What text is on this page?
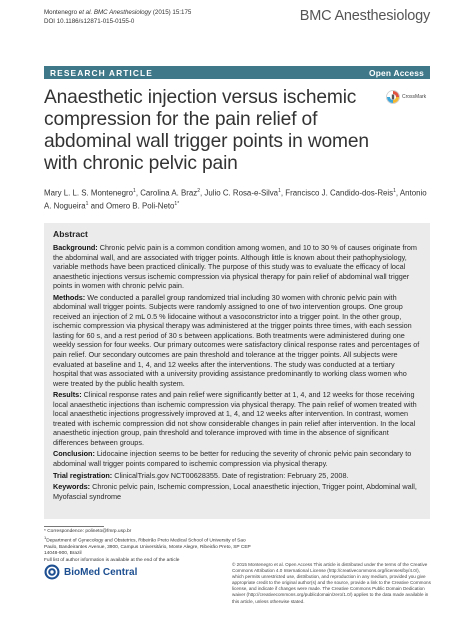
Montenegro et al. BMC Anesthesiology (2015) 15:175
DOI 10.1186/s12871-015-0155-0	BMC Anesthesiology
RESEARCH ARTICLE	Open Access
Anaesthetic injection versus ischemic compression for the pain relief of abdominal wall trigger points in women with chronic pelvic pain
CrossMark
Mary L. L. S. Montenegro$^1$, Carolina A. Braz$^2$, Julio C. Rosa-e-Silva$^1$, Francisco J. Candido-dos-Reis$^1$, Antonio A. Nogueira$^1$ and Omero B. Poli-Neto$^{1*}$
Abstract

Background: Chronic pelvic pain is a common condition among women, and 10 to 30 % of causes originate from the abdominal wall, and are associated with trigger points. Although little is known about their pathophysiology, variable methods have been practiced clinically. The purpose of this study was to evaluate the efficacy of local anaesthetic injections versus ischemic compression via physical therapy for pain relief of abdominal wall trigger points in women with chronic pelvic pain.

Methods: We conducted a parallel group randomized trial including 30 women with chronic pelvic pain with abdominal wall trigger points. Subjects were randomly assigned to one of two intervention groups. One group received an injection of 2 mL 0.5 % lidocaine without a vasoconstrictor into a trigger point. In the other group, ischemic compression via physical therapy was administered at the trigger points three times, with each session lasting for 60 s, and a rest period of 30 s between applications. Both treatments were administered during one weekly session for four weeks. Our primary outcomes were satisfactory clinical response rates and percentages of pain relief. Our secondary outcomes are pain threshold and tolerance at the trigger points. All subjects were evaluated at baseline and 1, 4, and 12 weeks after the interventions. The study was conducted at a tertiary hospital that was associated with a university providing assistance predominantly to working class women who were treated by the public health system.

Results: Clinical response rates and pain relief were significantly better at 1, 4, and 12 weeks for those receiving local anaesthetic injections than ischemic compression via physical therapy. The pain relief of women treated with local anaesthetic injections progressively improved at 1, 4, and 12 weeks after intervention. In contrast, women treated with ischemic compression did not show considerable changes in pain relief after intervention. In the local anaesthetic injection group, pain threshold and tolerance improved with time in the absence of significant differences between groups.

Conclusion: Lidocaine injection seems to be better for reducing the severity of chronic pelvic pain secondary to abdominal wall trigger points compared to ischemic compression via physical therapy.

Trial registration: ClinicalTrials.gov NCT00628355. Date of registration: February 25, 2008.

Keywords: Chronic pelvic pain, Ischemic compression, Local anaesthetic injection, Trigger point, Abdominal wall, Myofascial syndrome

* Correspondence: polineto@fmrp.usp.br
$^1$Department of Gynecology and Obstetrics, Ribeirão Preto Medical School of University of Sao Paulo, Bandeirantes Avenue, 3900, Campus Universitário, Monte Alegre, Ribeirão Preto, SP CEP 14048-900, Brazil
Full list of author information is available at the end of the article
BioMed Central
© 2015 Montenegro et al. Open Access This article is distributed under the terms of the Creative Commons Attribution 4.0 International License (http://creativecommons.org/licenses/by/4.0/), which permits unrestricted use, distribution, and reproduction in any medium, provided you give appropriate credit to the original author(s) and the source, provide a link to the Creative Commons license, and indicate if changes were made. The Creative Commons Public Domain Dedication waiver (http://creativecommons.org/publicdomain/zero/1.0/) applies to the data made available in this article, unless otherwise stated.
